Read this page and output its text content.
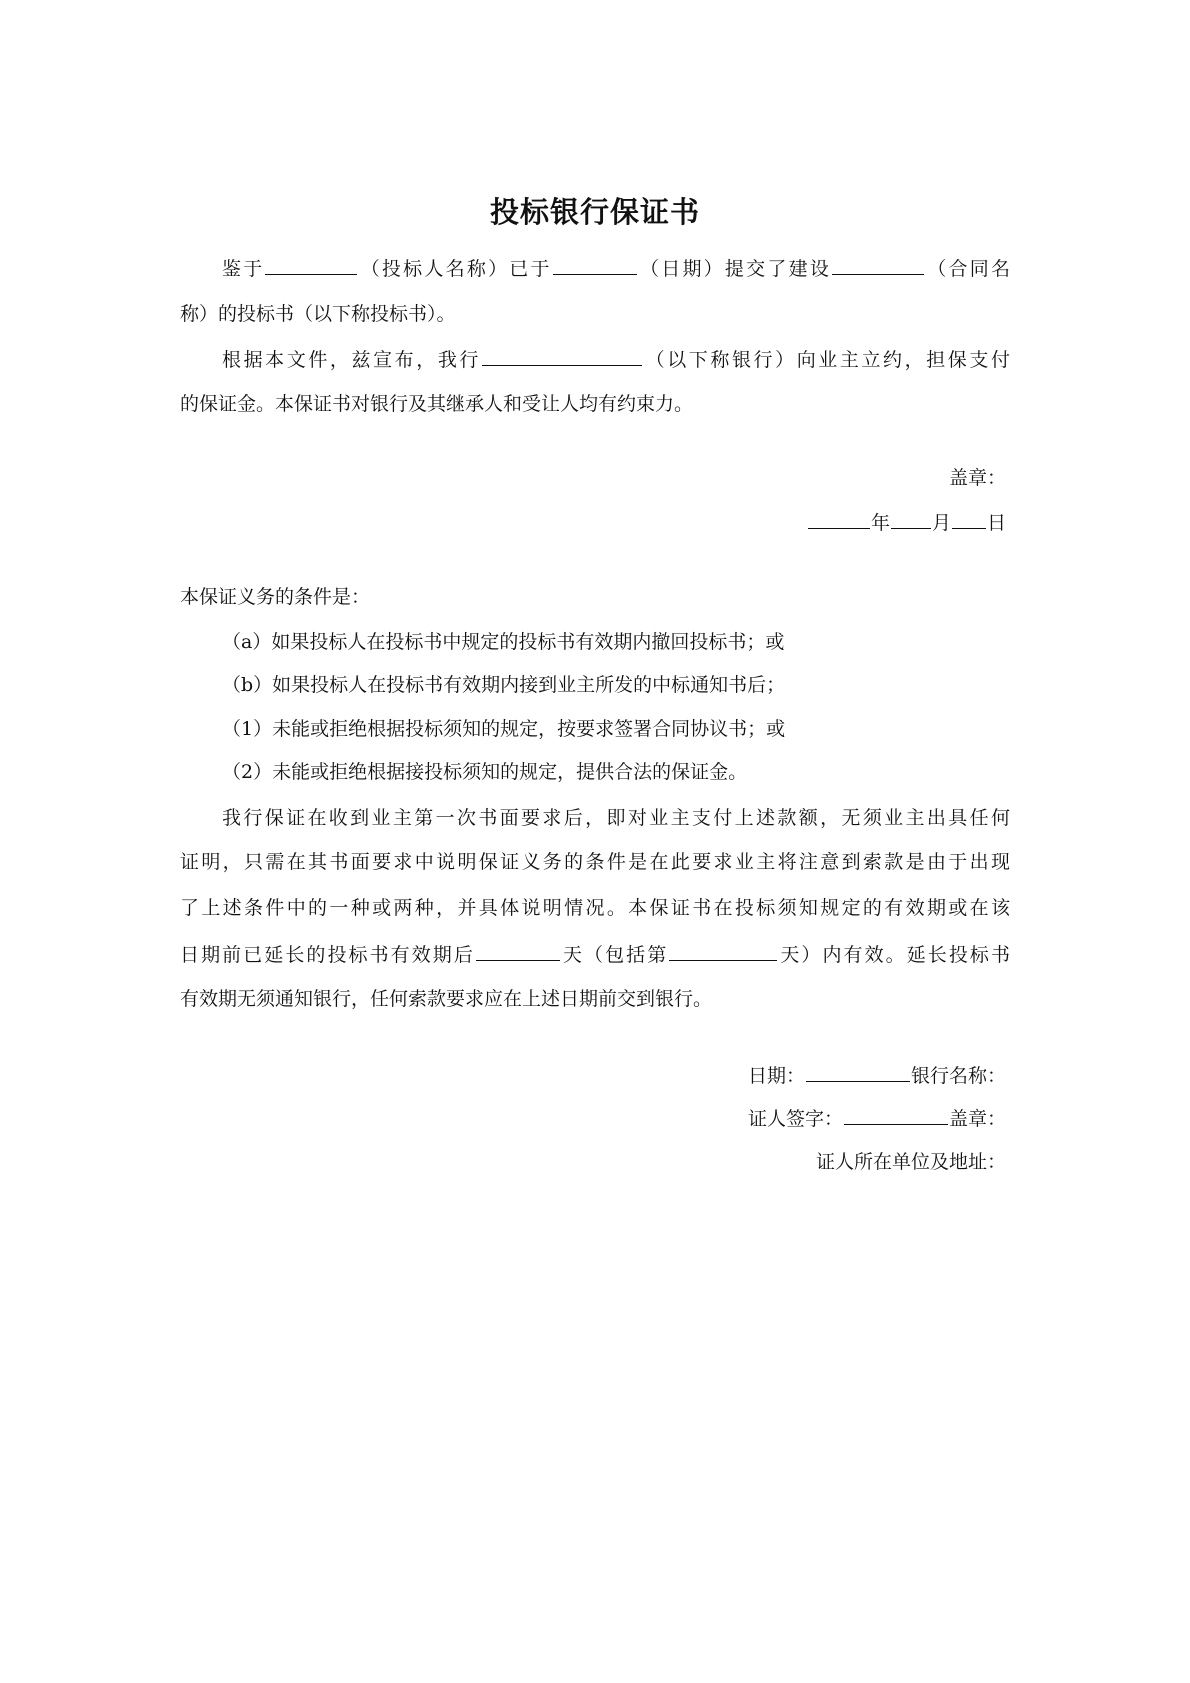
投标银行保证书
鉴于	（投标人名称）已于	（日期）提交了建设	（合同名
称）的投标书（以下称投标书）。
根据本文件，兹宣布，我行	（以下称银行）向业主立约，担保支付
的保证金。本保证书对银行及其继承人和受让人均有约束力。
盖章：
年 月 日
本保证义务的条件是：
（a）如果投标人在投标书中规定的投标书有效期内撤回投标书；或
（b）如果投标人在投标书有效期内接到业主所发的中标通知书后；
（1）未能或拒绝根据投标须知的规定，按要求签署合同协议书；或
（2）未能或拒绝根据接投标须知的规定，提供合法的保证金。
我行保证在收到业主第一次书面要求后，即对业主支付上述款额，无须业主出具任何
证明，只需在其书面要求中说明保证义务的条件是在此要求业主将注意到索款是由于出现
了上述条件中的一种或两种，并具体说明情况。本保证书在投标须知规定的有效期或在该
日期前已延长的投标书有效期后	天（包括第	天）内有效。延长投标书
有效期无须通知银行，任何索款要求应在上述日期前交到银行。
日期：	银行名称：
证人签字：	盖章：
证人所在单位及地址：
